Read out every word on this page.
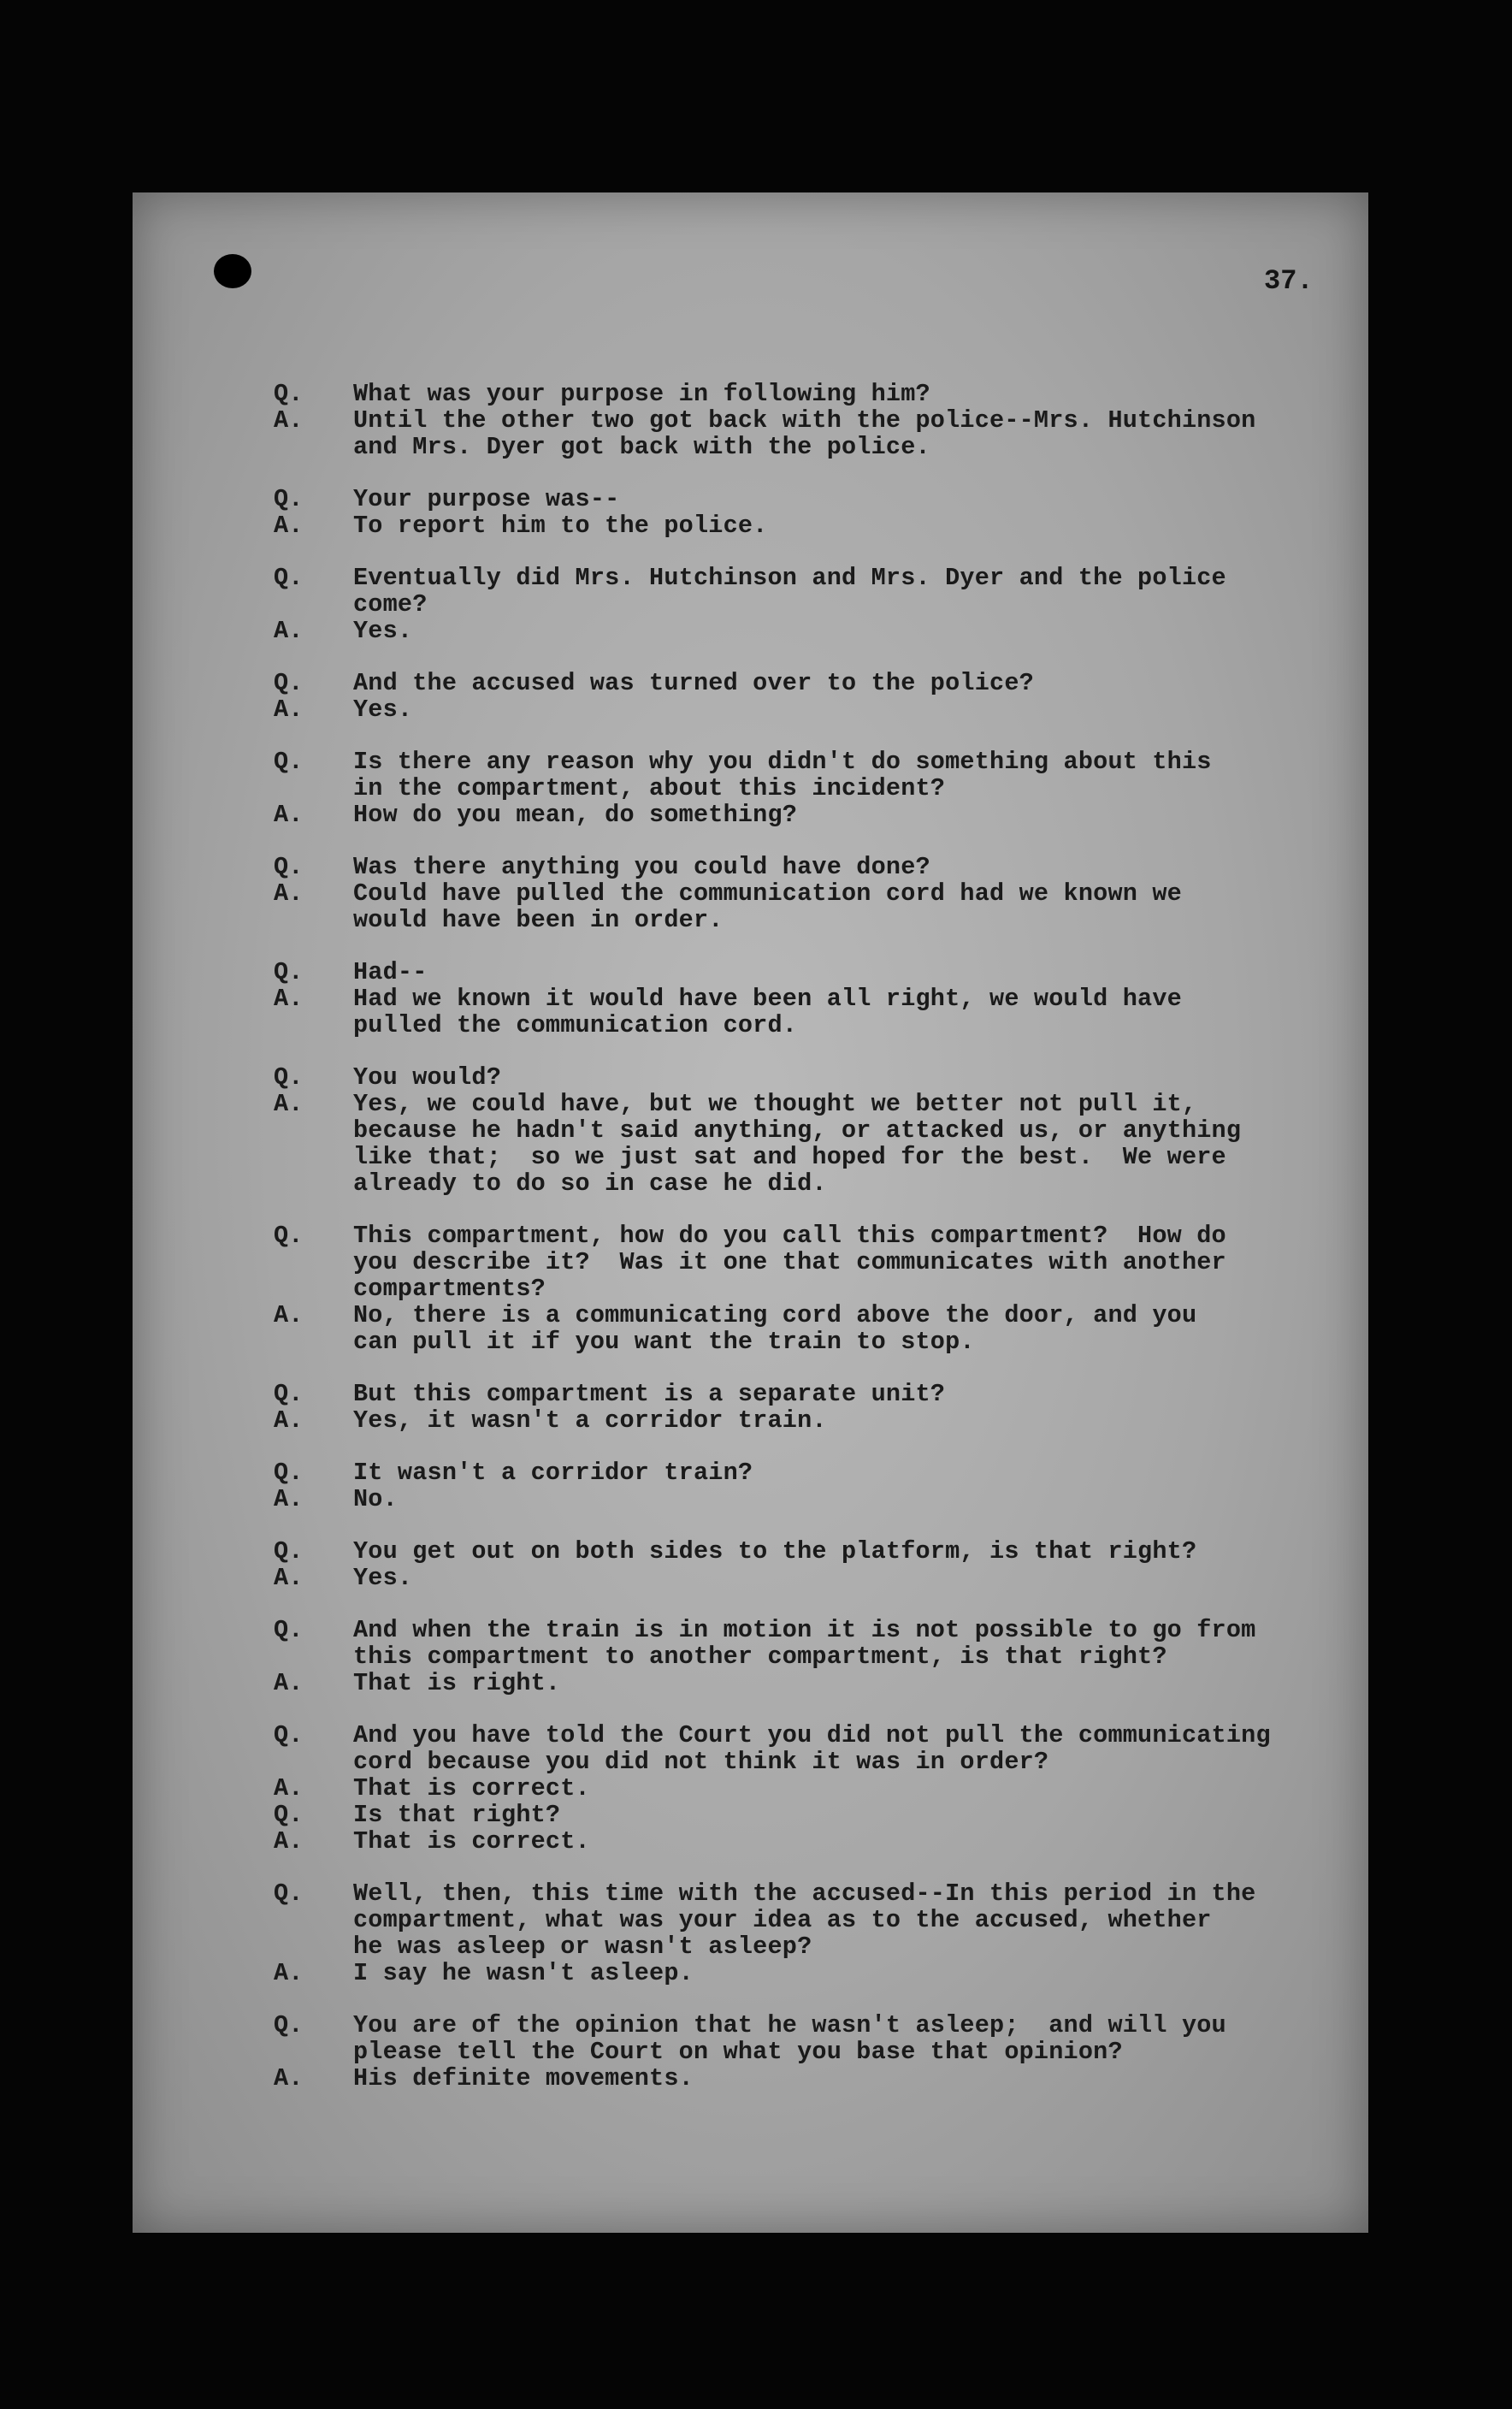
37.
Q.	What was your purpose in following him?
A.	Until the other two got back with the police--Mrs. Hutchinson
and Mrs. Dyer got back with the police.
Q.	Your purpose was--
A.	To report him to the police.
Q.	Eventually did Mrs. Hutchinson and Mrs. Dyer and the police
come?
A.	Yes.
Q.	And the accused was turned over to the police?
A.	Yes.
Q.	Is there any reason why you didn't do something about this
in the compartment, about this incident?
A.	How do you mean, do something?
Q.	Was there anything you could have done?
A.	Could have pulled the communication cord had we known we
would have been in order.
Q.	Had--
A.	Had we known it would have been all right, we would have
pulled the communication cord.
Q.	You would?
A.	Yes, we could have, but we thought we better not pull it,
because he hadn't said anything, or attacked us, or anything
like that;  so we just sat and hoped for the best.  We were
already to do so in case he did.
Q.	This compartment, how do you call this compartment?  How do
you describe it?  Was it one that communicates with another
compartments?
A.	No, there is a communicating cord above the door, and you
can pull it if you want the train to stop.
Q.	But this compartment is a separate unit?
A.	Yes, it wasn't a corridor train.
Q.	It wasn't a corridor train?
A.	No.
Q.	You get out on both sides to the platform, is that right?
A.	Yes.
Q.	And when the train is in motion it is not possible to go from
this compartment to another compartment, is that right?
A.	That is right.
Q.	And you have told the Court you did not pull the communicating
cord because you did not think it was in order?
A.	That is correct.
Q.	Is that right?
A.	That is correct.
Q.	Well, then, this time with the accused--In this period in the
compartment, what was your idea as to the accused, whether
he was asleep or wasn't asleep?
A.	I say he wasn't asleep.
Q.	You are of the opinion that he wasn't asleep;  and will you
please tell the Court on what you base that opinion?
A.	His definite movements.
